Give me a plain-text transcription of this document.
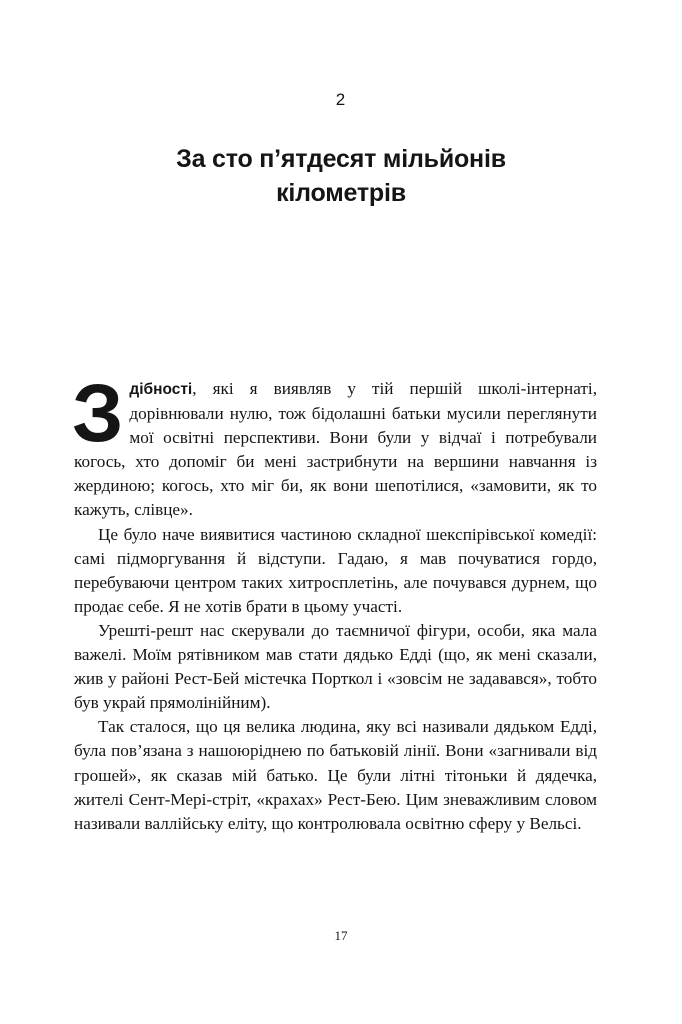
2
За сто п’ятдесят мільйонів
кілометрів

Здібності, які я виявляв у тій першій школі-інтернаті, дорівнювали нулю, тож бідолашні батьки мусили переглянути мої освітні перспективи. Вони були у відчаї і потребували когось, хто допоміг би мені застрибнути на вершини навчання із жердиною; когось, хто міг би, як вони шепотілися, «замовити, як то кажуть, слівце».

Це було наче виявитися частиною складної шекспірівської комедії: самі підморгування й відступи. Гадаю, я мав почуватися гордо, перебуваючи центром таких хитросплетінь, але почувався дурнем, що продає себе. Я не хотів брати в цьому участі.

Урешті-решт нас скерували до таємничої фігури, особи, яка мала важелі. Моїм рятівником мав стати дядько Едді (що, як мені сказали, жив у районі Рест-Бей містечка Порткол і «зовсім не задавався», тобто був украй прямолінійним).

Так сталося, що ця велика людина, яку всі називали дядьком Едді, була пов’язана з нашоюріднею по батьковій лінії. Вони «загнивали від грошей», як сказав мій батько. Це були літні тітоньки й дядечка, жителі Сент-Мері-стріт, «крахах» Рест-Бею. Цим зневажливим словом називали валлійську еліту, що контролювала освітню сферу у Вельсі.

17
